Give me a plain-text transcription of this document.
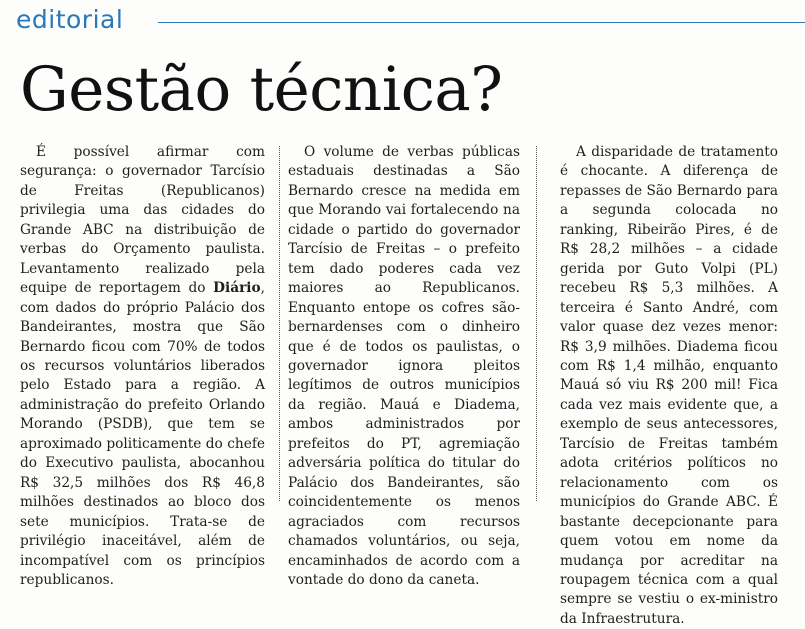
editorial
Gestão técnica?

É possível afirmar com segurança: o governador Tarcísio de Freitas (Republicanos) privilegia uma das cidades do Grande ABC na distribuição de verbas do Orçamento paulista. Levantamento realizado pela equipe de reportagem do Diário, com dados do próprio Palácio dos Bandeirantes, mostra que São Bernardo ficou com 70% de todos os recursos voluntários liberados pelo Estado para a região. A administração do prefeito Orlando Morando (PSDB), que tem se aproximado politicamente do chefe do Executivo paulista, abocanhou R$ 32,5 milhões dos R$ 46,8 milhões destinados ao bloco dos sete municípios. Trata-se de privilégio inaceitável, além de incompatível com os princípios republicanos.

O volume de verbas públicas estaduais destinadas a São Bernardo cresce na medida em que Morando vai fortalecendo na cidade o partido do governador Tarcísio de Freitas – o prefeito tem dado poderes cada vez maiores ao Republicanos. Enquanto entope os cofres são-bernardenses com o dinheiro que é de todos os paulistas, o governador ignora pleitos legítimos de outros municípios da região. Mauá e Diadema, ambos administrados por prefeitos do PT, agremiação adversária política do titular do Palácio dos Bandeirantes, são coincidentemente os menos agraciados com recursos chamados voluntários, ou seja, encaminhados de acordo com a vontade do dono da caneta.

A disparidade de tratamento é chocante. A diferença de repasses de São Bernardo para a segunda colocada no ranking, Ribeirão Pires, é de R$ 28,2 milhões – a cidade gerida por Guto Volpi (PL) recebeu R$ 5,3 milhões. A terceira é Santo André, com valor quase dez vezes menor: R$ 3,9 milhões. Diadema ficou com R$ 1,4 milhão, enquanto Mauá só viu R$ 200 mil! Fica cada vez mais evidente que, a exemplo de seus antecessores, Tarcísio de Freitas também adota critérios políticos no relacionamento com os municípios do Grande ABC. É bastante decepcionante para quem votou em nome da mudança por acreditar na roupagem técnica com a qual sempre se vestiu o ex-ministro da Infraestrutura.
